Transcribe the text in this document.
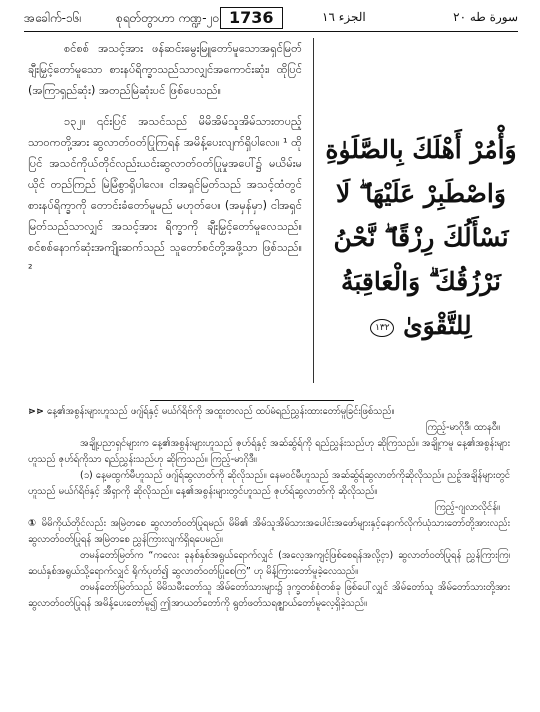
အခေါက်-၁၆၊	စုရတ်တွာဟာ ကဏ္ဍ-၂၀ 1736	الجزء ١٦	سورة طه ٢٠

စင်စစ် အသင့်အား ဖန်ဆင်းမွေးမြူတော်မူသောအရှင်မြတ် ချီးမြှင့်တော်မူသော စားနပ်ရိက္ခာသည်သာလျှင်အကောင်းဆုံး၊ ထိုပြင် (အကြာရှည်ဆုံး) အတည်မြဲဆုံးပင် ဖြစ်ပေသည်။

၁၃၂။ ၎င်းပြင် အသင်သည် မိမိအိမ်သူအိမ်သားတပည့်သာဝကတို့အား ဆွလာတ်ဝတ်ပြုကြရန် အမိန့်ပေးလျက်ရှိပါလေ။ ¹ ထိုပြင် အသင်ကိုယ်တိုင်လည်းယင်းဆွလာတ်ဝတ်ပြုမှုအပေါ်၌ မယိမ်းမယိုင် တည်ကြည် မြဲမြံစွာရှိပါလေ။ ငါအရှင်မြတ်သည် အသင့်ထံတွင် စားနပ်ရိက္ခာကို တောင်းခံတော်မူမည် မဟုတ်ပေ။ (အမှန်မှာ) ငါအရှင်မြတ်သည်သာလျှင် အသင့်အား ရိက္ခာကို ချီးမြှင့်တော်မူလေသည်။ စင်စစ်နောက်ဆုံးအကျိုးဆက်သည် သူတော်စင်တို့အဖို့သာ ဖြစ်သည်။ ²

وَأْمُرْ أَهْلَكَ بِالصَّلَوٰةِ وَاصْطَبِرْ عَلَيْهَا ۖ لَا نَسْأَلُكَ رِزْقًا ۖ نَّحْنُ نَرْزُقُكَ ۗ وَالْعَاقِبَةُ لِلتَّقْوَىٰ ١٣٢

⋗⋗ နေ့၏အစွန်းများဟူသည် ဖဂျ်ရ်နှင့် မယ်ဂ်ရိဗ်ကို အထူးတလည် ထပ်မံရည်ညွှန်းထားတော်မူခြင်းဖြစ်သည်။

ကြည့်-မာဂိုဒီ၊ ထာနဝီ။

အချို့ပညာရှင်များက နေ့၏အစွန်းများဟူသည် ဇုဟ်ရ်နှင့် အဆ်ဆွ်ရ်ကို ရည်ညွှန်းသည်ဟု ဆိုကြသည်။ အချို့ကမူ နေ့၏အစွန်းများဟူသည် ဇုဟ်ရ်ကိုသာ ရည်ညွှန်းသည်ဟု ဆိုကြသည်။ ကြည့်-မာဂိုဒီ။

(၁) နေ့မထွက်မီဟူသည် ဖဂျ်ရ်ဆွလာတ်ကို ဆိုလိုသည်။ နေမဝင်မီဟူသည် အဆ်ဆွ်ရ်ဆွလာတ်ကိုဆိုလိုသည်။ ညဥ့်အချိန်များတွင်ဟူသည် မယ်ဂ်ရိဗ်နှင့် အီရှာကို ဆိုလိုသည်။ နေ့၏အစွန်းများတွင်ဟူသည် ဇုဟ်ရ်ဆွလာတ်ကို ဆိုလိုသည်။

ကြည့်-ဂျလာလိုင်န်။

① မိမိကိုယ်တိုင်လည်း အမြဲတစေ ဆွလာတ်ဝတ်ပြုရမည်၊ မိမိ၏ အိမ်သူအိမ်သားအပေါင်းအဖော်များနှင့်နောက်လိုက်ယုံသားတော်တို့အားလည်း ဆွလာတ်ဝတ်ပြုရန် အမြဲတစေ ညွှန်ကြားလျက်ရှိရပေမည်။

တမန်တော်မြတ်က “ကလေး ခုနစ်နှစ်အရွယ်ရောက်လျှင် (အလေ့အကျင့်ဖြစ်စေရန်အလို့ငှာ) ဆွလာတ်ဝတ်ပြုရန် ညွှန်ကြားကြ၊ ဆယ်နှစ်အရွယ်သို့ရောက်လျှင် ရိုက်ပုတ်၍ ဆွလာတ်ဝတ်ပြုစေကြ” ဟု မိန့်ကြားတော်မူခဲ့လေသည်။

တမန်တော်မြတ်သည် မိမိသမီးတော်သူ အိမ်တော်သားများ၌ ဒုက္ခတစ်စုံတစ်ခု ဖြစ်ပေါ်လျှင် အိမ်တော်သူ အိမ်တော်သားတို့အား ဆွလာတ်ဝတ်ပြုရန် အမိန့်ပေးတော်မူ၍ ဤအာယတ်တော်ကို ရွတ်ဖတ်သရဇ္ဈာယ်တော်မူလေ့ရှိခဲ့သည်။
